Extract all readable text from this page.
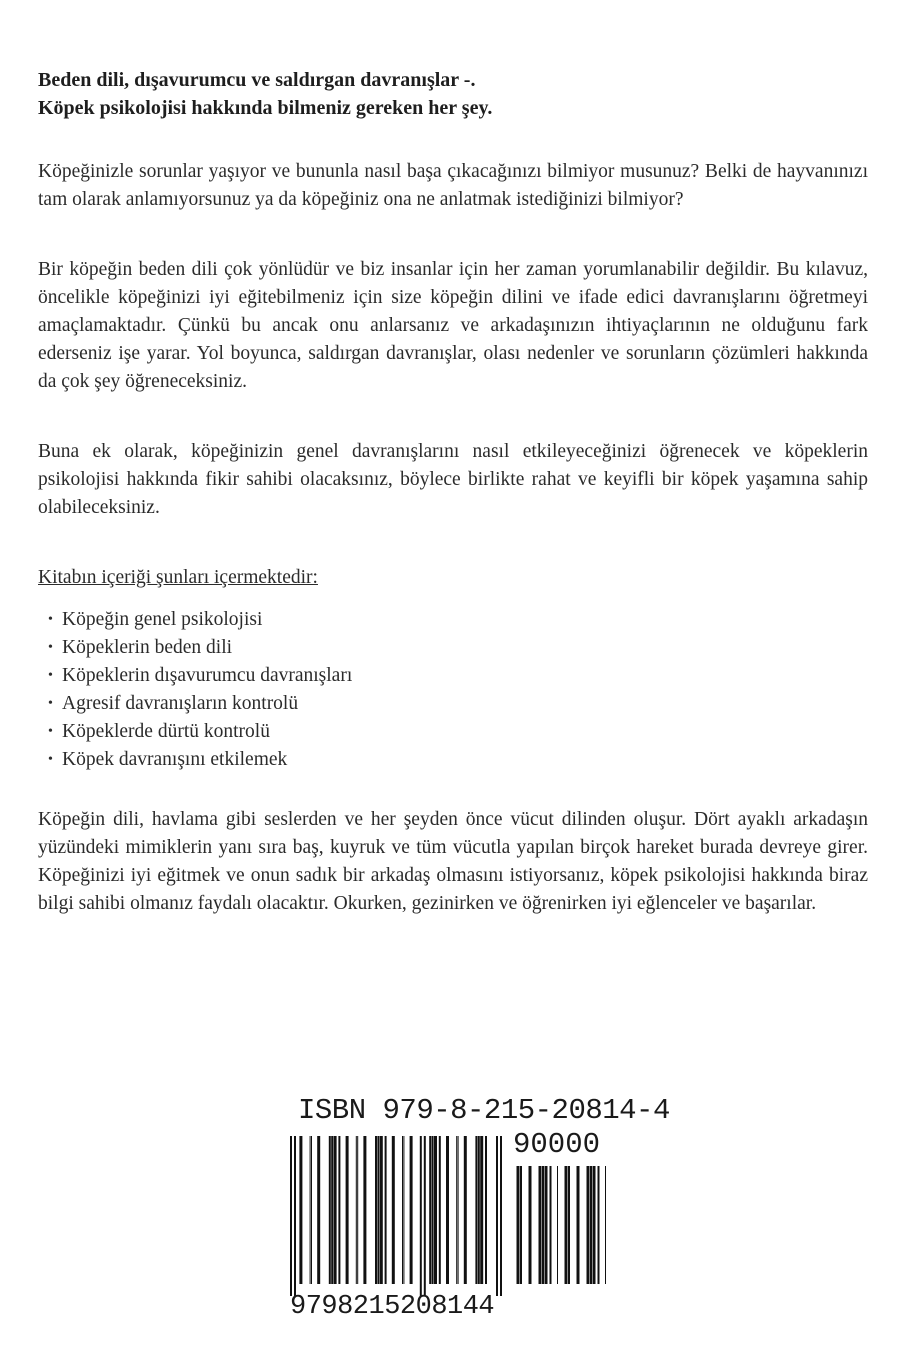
Beden dili, dışavurumcu ve saldırgan davranışlar -.
Köpek psikolojisi hakkında bilmeniz gereken her şey.

Köpeğinizle sorunlar yaşıyor ve bununla nasıl başa çıkacağınızı bilmiyor musunuz? Belki de hayvanınızı tam olarak anlamıyorsunuz ya da köpeğiniz ona ne anlatmak istediğinizi bilmiyor?

Bir köpeğin beden dili çok yönlüdür ve biz insanlar için her zaman yorumlanabilir değildir. Bu kılavuz, öncelikle köpeğinizi iyi eğitebilmeniz için size köpeğin dilini ve ifade edici davranışlarını öğretmeyi amaçlamaktadır. Çünkü bu ancak onu anlarsanız ve arkadaşınızın ihtiyaçlarının ne olduğunu fark ederseniz işe yarar. Yol boyunca, saldırgan davranışlar, olası nedenler ve sorunların çözümleri hakkında da çok şey öğreneceksiniz.

Buna ek olarak, köpeğinizin genel davranışlarını nasıl etkileyeceğinizi öğrenecek ve köpeklerin psikolojisi hakkında fikir sahibi olacaksınız, böylece birlikte rahat ve keyifli bir köpek yaşamına sahip olabileceksiniz.

Kitabın içeriği şunları içermektedir:
• Köpeğin genel psikolojisi
• Köpeklerin beden dili
• Köpeklerin dışavurumcu davranışları
• Agresif davranışların kontrolü
• Köpeklerde dürtü kontrolü
• Köpek davranışını etkilemek

Köpeğin dili, havlama gibi seslerden ve her şeyden önce vücut dilinden oluşur. Dört ayaklı arkadaşın yüzündeki mimiklerin yanı sıra baş, kuyruk ve tüm vücutla yapılan birçok hareket burada devreye girer. Köpeğinizi iyi eğitmek ve onun sadık bir arkadaş olmasını istiyorsanız, köpek psikolojisi hakkında biraz bilgi sahibi olmanız faydalı olacaktır. Okurken, gezinirken ve öğrenirken iyi eğlenceler ve başarılar.

ISBN 979-8-215-20814-4
90000
9798215208144
